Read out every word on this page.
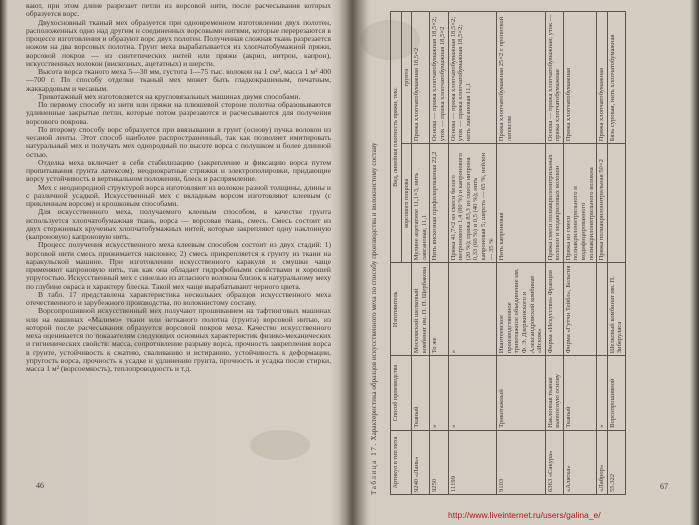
вают, при этом длине разрезает петли из ворсовой нити, после расчесывания которых образуется ворс.

Двухосновный тканый мех образуется при одновременном изготовлении двух полотен, расположенных одно над другим и соединенных ворсовыми нитями, которые перерезаются в процессе изготовления и образуют ворс двух полотен. Полученная сложная ткань разрезается ножом на два ворсовых полотна. Грунт меха вырабатывается из хлопчатобумажной пряжи, ворсовой покров — из синтетических нитей или пряжи (акрил, нитрон, капрон), искусственных волокон (вискозных, ацетатных) и шерсти.

Высота ворса тканого меха 5—30 мм, густота 1—75 тыс. волокон на 1 см², масса 1 м² 400—700 г. По способу отделки тканый мех может быть гладкокрашеным, печатным, жаккардовым и чесаным.

Трикотажный мех изготовляется на кругловязальных машинах двумя способами.

По первому способу из нити или пряжи на плюшевой стороне полотна образовываются удлиненные закрытые петли, которые потом разрезаются и расчесываются для получения ворсового покрова.

По второму способу ворс образуется при ввязывании в грунт (основу) пучка волокон из чесаной ленты. Этот способ наиболее распространенный, так как позволяет имитировать натуральный мех и получать мех однородный по высоте ворса с полушком и более длинной остью.

Отделка меха включает в себя стабилизацию (закрепление и фиксацию ворса путем пропитывания грунта латексом), неоднократные стрижки и электрополировки, придающие ворсу устойчивость в вертикальном положении, блеск и распрямление.

Мех с неоднородной структурой ворса изготовляют из волокон разной толщины, длины и с различной усадкой. Искусственный мех с вкладным ворсом изготовляют клеевым (с прикленным ворсом) и крошковым способами.

Для искусственного меха, получаемого клеевым способом, в качестве грунта используется хлопчатобумажная ткань, ворса — ворсовая ткань, смесь. Смесь состоит из двух стержневых крученых хлопчатобумажных нитей, которые закрепляют одну наклонную (капроновую) капроновую нить.

Процесс получения искусственного меха клеевым способом состоит из двух стадий: 1) ворсовой нити смесь прижимается наклонно; 2) смесь прикрепляется к грунту из ткани на каракульской машине. При изготовлении искусственного каракуля и смушки чаще применяют капроновую нить, так как она обладает гидрофобными свойствами и хорошей упругостью. Искусственный мех с синелью из атласного волокна близок к натуральному меху по глубине окраса и характеру блеска. Такой мех чаще вырабатывают черного цвета.

В табл. 17 представлена характеристика нескольких образцов искусственного меха отечественного и зарубежного производства, по волокнистому составу.

Ворсопрошивной искусственный мех получают прошиванием на тафтинговых машинах или на машинах «Малимо» ткани или нетканого полотна (грунта) ворсовой нитью, из которой после расчесывания образуется ворсовой покров меха. Качество искусственного меха оценивается по показателям следующих основных характеристик физико-механических и гигиенических свойств: масса, сопротивление разрыву ворса, прочность закрепления ворса в грунте, устойчивость к сжатию, сваливанию и истиранию, устойчивость к деформации, упругость ворса, прочность к усадке и удлинению грунта, прочность и усадка после стирки, масса 1 м² (ворсоемкость), теплопроводность и т.д.

46	Таблица 17. Характеристика образцов искусственного меха по способу производства и волокнистому составу
Артикул и тип меха	Способ производства	Изготовитель	Вид, линейная плотность пряжи, текс	
			ворсового покрова	грунта
9240 «Лань»	Тканый	Московский шелковый комбинат им. П. П. Щербакова	Мулине ацетатное 11,1×3, нить лавсановая, 11,1	Пряжа хлопчатобумажная 18,5×2
9250	»	То же	Нить вискозная профилированная 22,2	Основа — пряжа хлопчатобумажная 18,5×2; уток — пряжа хлопчатобумажная 18,5×2
11199	»	»	Пряжа 41,7×2 из смеси белого нитронового 1,4 (80 %) и капронового (20 %); пряжа 83,3 из смеси нитрона 0,33 (60 %) и 0,5 (40 %); нить капроновая 5; шерсть — 65 %, нейлон — 35 %	Основа — пряжа хлопчатобумажная 18,5×2; уток — пряжа хлопчатобумажная 18,5×2; нить лавсановая 11,1
9103	Трикотажный	Ивантеевское производственное трикотажное объединение им. Ф. Э. Дзержинского и Александровский комбинат «Искож»	Нить капроновая	Пряжа хлопчатобумажная 25×2 с пропиткой латексом
6363 «Сакура»	Наклонная тканая вьюносную основу	Фирма «Искусство» Франция	Пряжа смеси полиакрилонитрильных волокон и модакриловых волокон	Основа — пряжа хлопчатобумажная; уток — пряжа хлопчатобумажная
«Аляска»	Тканый	Фирма «Гутчи Тейбл», Бельгия	Пряжа из смеси полиакрилонитрильного и модифицированного полиакрилонитрильного волокна	Пряжа хлопчатобумажная
«Лаброр»	»		Пряжа полиакрилонитрильная 50×2	Пряжа хлопчатобумажная
55.322	Ворсопрошивной	Шелковый комбинат им. П. Зиберуласа		Бязь суровая, нить хлопчатобумажная
67
http://www.liveinternet.ru/users/galina_e/
